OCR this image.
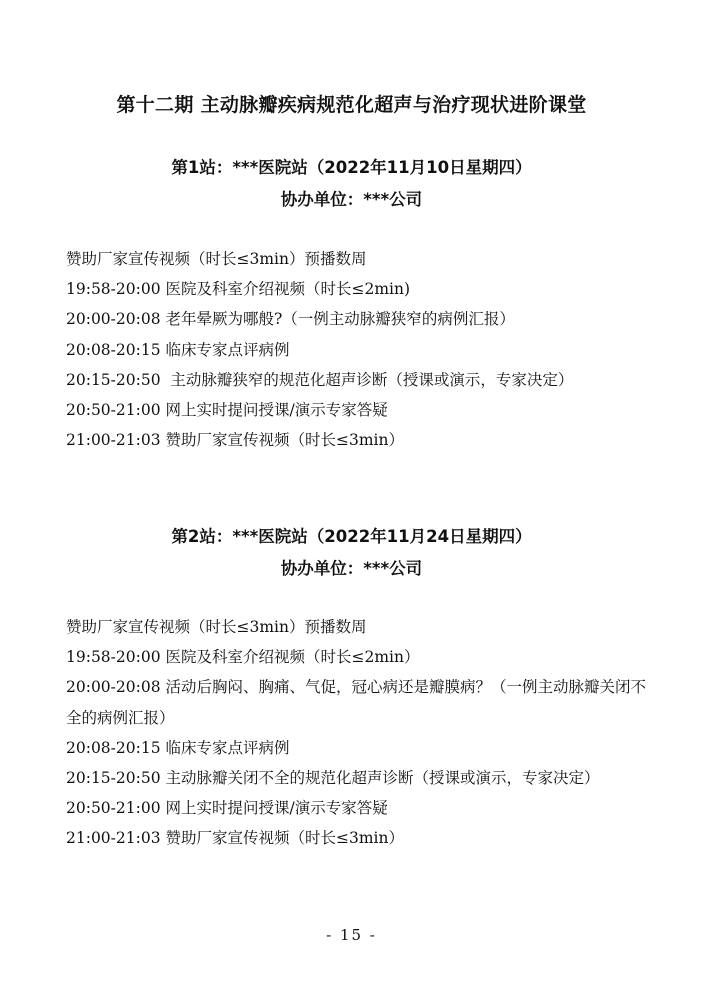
第十二期 主动脉瓣疾病规范化超声与治疗现状进阶课堂
第1站：***医院站（2022年11月10日星期四）
协办单位：***公司
赞助厂家宣传视频（时长≤3min）预播数周
19:58-20:00 医院及科室介绍视频（时长≤2min)
20:00-20:08 老年晕厥为哪般?（一例主动脉瓣狭窄的病例汇报）
20:08-20:15 临床专家点评病例
20:15-20:50  主动脉瓣狭窄的规范化超声诊断（授课或演示，专家决定）
20:50-21:00 网上实时提问授课/演示专家答疑
21:00-21:03 赞助厂家宣传视频（时长≤3min）
第2站：***医院站（2022年11月24日星期四）
协办单位：***公司
赞助厂家宣传视频（时长≤3min）预播数周
19:58-20:00 医院及科室介绍视频（时长≤2min）
20:00-20:08 活动后胸闷、胸痛、气促，冠心病还是瓣膜病？（一例主动脉瓣关闭不全的病例汇报）
20:08-20:15 临床专家点评病例
20:15-20:50 主动脉瓣关闭不全的规范化超声诊断（授课或演示，专家决定）
20:50-21:00 网上实时提问授课/演示专家答疑
21:00-21:03 赞助厂家宣传视频（时长≤3min）
- 15 -
